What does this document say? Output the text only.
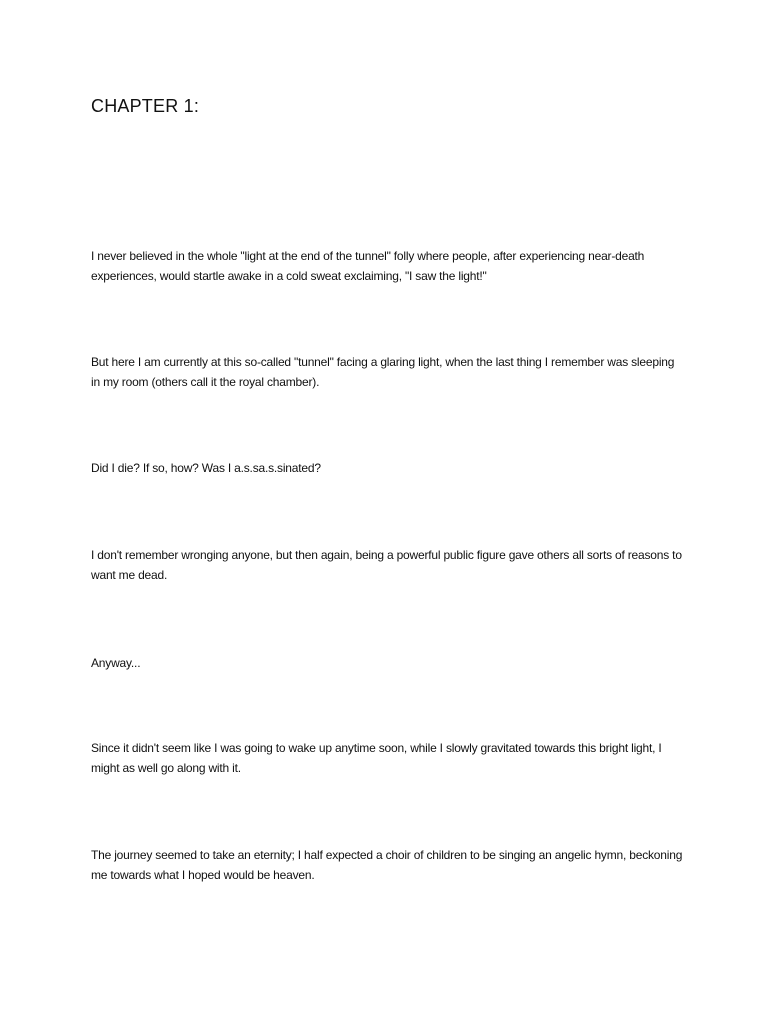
CHAPTER 1:

I never believed in the whole "light at the end of the tunnel" folly where people, after experiencing near-death experiences, would startle awake in a cold sweat exclaiming, "I saw the light!"

But here I am currently at this so-called "tunnel" facing a glaring light, when the last thing I remember was sleeping in my room (others call it the royal chamber).

Did I die? If so, how? Was I a.s.sa.s.sinated?

I don't remember wronging anyone, but then again, being a powerful public figure gave others all sorts of reasons to want me dead.

Anyway...

Since it didn't seem like I was going to wake up anytime soon, while I slowly gravitated towards this bright light, I might as well go along with it.

The journey seemed to take an eternity; I half expected a choir of children to be singing an angelic hymn, beckoning me towards what I hoped would be heaven.
